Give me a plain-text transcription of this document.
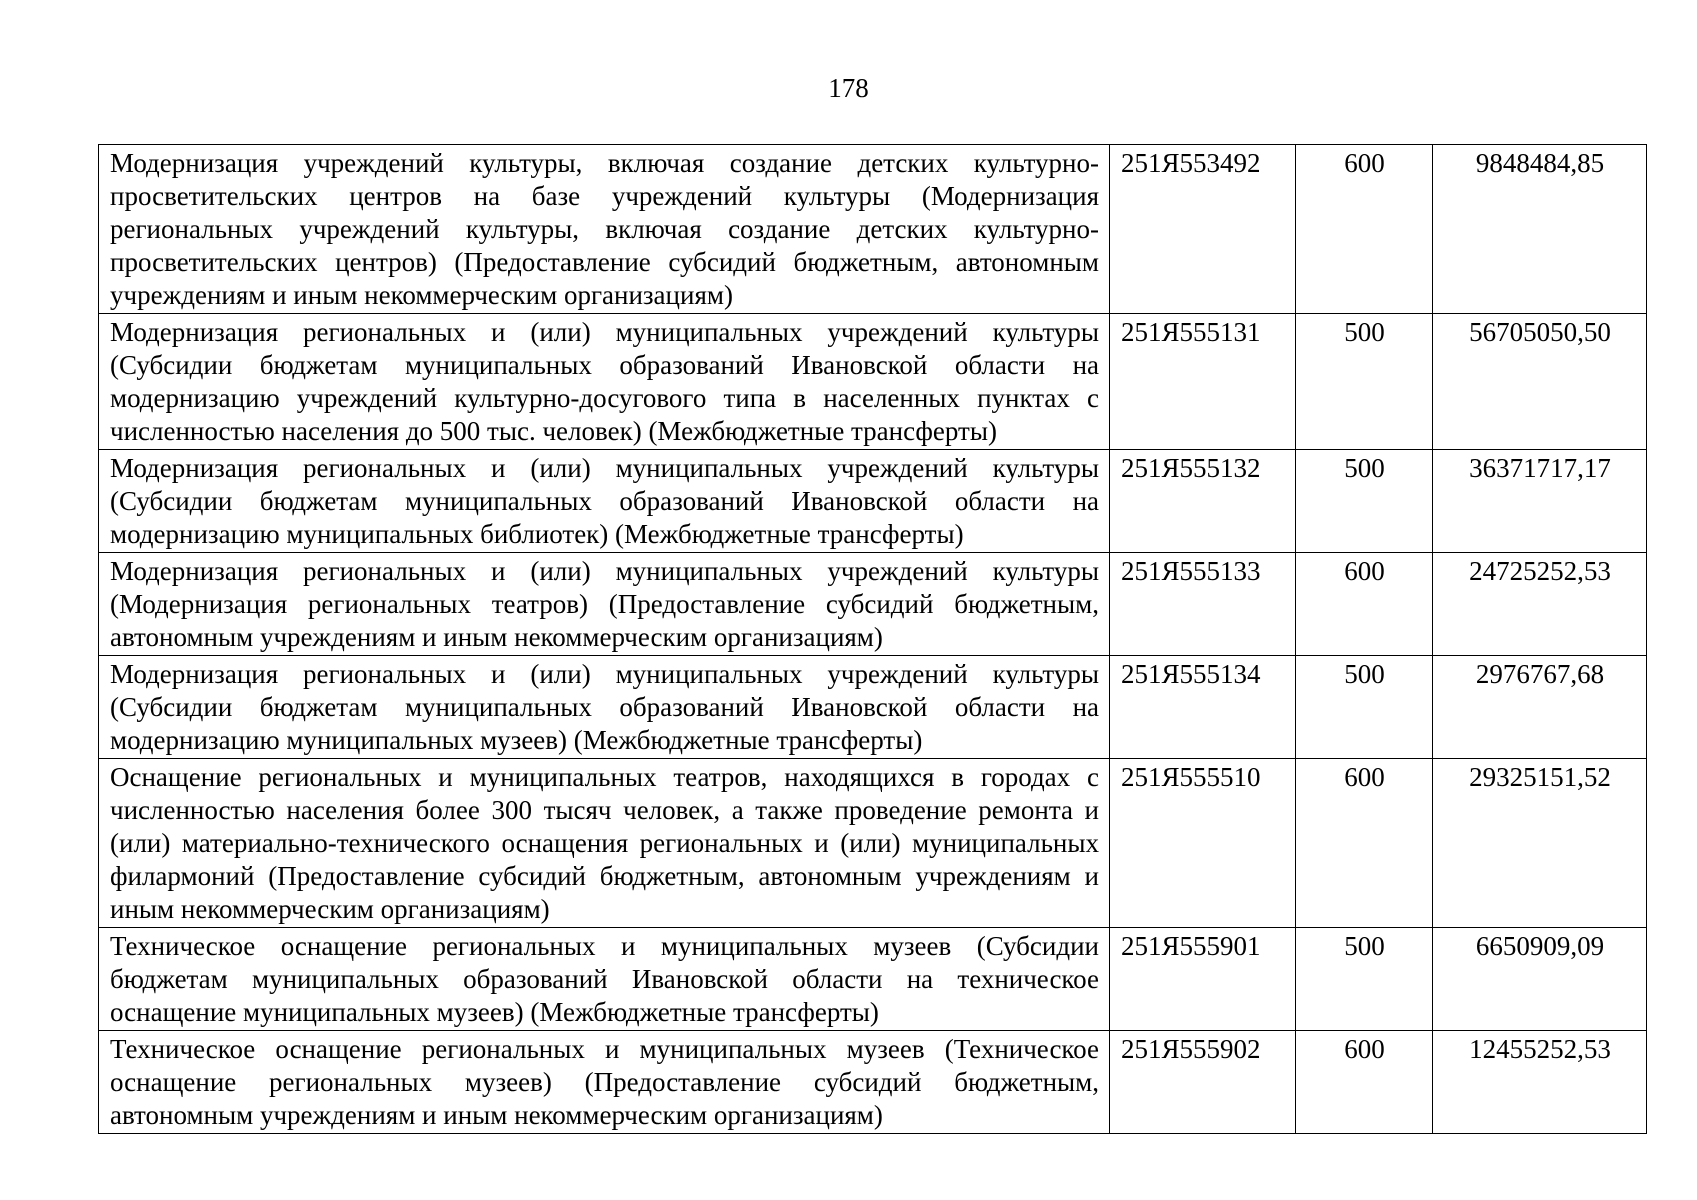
178
Модернизация учреждений культуры, включая создание детских культурно-просветительских центров на базе учреждений культуры (Модернизация региональных учреждений культуры, включая создание детских культурно-просветительских центров) (Предоставление субсидий бюджетным, автономным учреждениям и иным некоммерческим организациям)	251Я553492	600	9848484,85
Модернизация региональных и (или) муниципальных учреждений культуры (Субсидии бюджетам муниципальных образований Ивановской области на модернизацию учреждений культурно-досугового типа в населенных пунктах с численностью населения до 500 тыс. человек) (Межбюджетные трансферты)	251Я555131	500	56705050,50
Модернизация региональных и (или) муниципальных учреждений культуры (Субсидии бюджетам муниципальных образований Ивановской области на модернизацию муниципальных библиотек) (Межбюджетные трансферты)	251Я555132	500	36371717,17
Модернизация региональных и (или) муниципальных учреждений культуры (Модернизация региональных театров) (Предоставление субсидий бюджетным, автономным учреждениям и иным некоммерческим организациям)	251Я555133	600	24725252,53
Модернизация региональных и (или) муниципальных учреждений культуры (Субсидии бюджетам муниципальных образований Ивановской области на модернизацию муниципальных музеев) (Межбюджетные трансферты)	251Я555134	500	2976767,68
Оснащение региональных и муниципальных театров, находящихся в городах с численностью населения более 300 тысяч человек, а также проведение ремонта и (или) материально-технического оснащения региональных и (или) муниципальных филармоний (Предоставление субсидий бюджетным, автономным учреждениям и иным некоммерческим организациям)	251Я555510	600	29325151,52
Техническое оснащение региональных и муниципальных музеев (Субсидии бюджетам муниципальных образований Ивановской области на техническое оснащение муниципальных музеев) (Межбюджетные трансферты)	251Я555901	500	6650909,09
Техническое оснащение региональных и муниципальных музеев (Техническое оснащение региональных музеев) (Предоставление субсидий бюджетным, автономным учреждениям и иным некоммерческим организациям)	251Я555902	600	12455252,53
